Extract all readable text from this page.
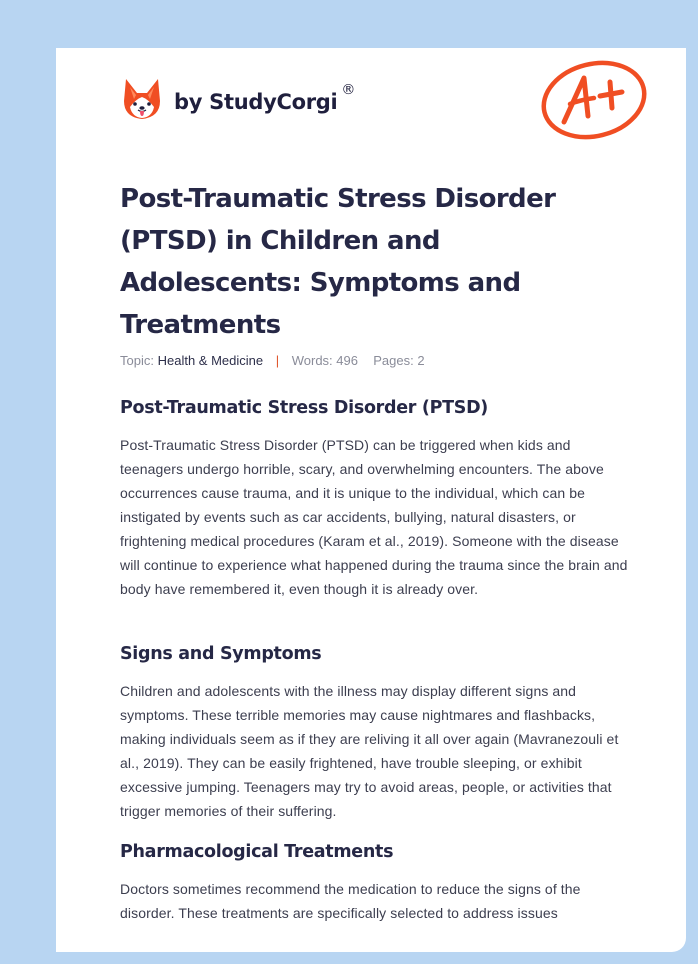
by StudyCorgi ®
Post-Traumatic Stress Disorder (PTSD) in Children and Adolescents: Symptoms and Treatments
Topic: Health & Medicine | Words: 496 Pages: 2
Post-Traumatic Stress Disorder (PTSD)

Post-Traumatic Stress Disorder (PTSD) can be triggered when kids and teenagers undergo horrible, scary, and overwhelming encounters. The above occurrences cause trauma, and it is unique to the individual, which can be instigated by events such as car accidents, bullying, natural disasters, or frightening medical procedures (Karam et al., 2019). Someone with the disease will continue to experience what happened during the trauma since the brain and body have remembered it, even though it is already over.

Signs and Symptoms

Children and adolescents with the illness may display different signs and symptoms. These terrible memories may cause nightmares and flashbacks, making individuals seem as if they are reliving it all over again (Mavranezouli et al., 2019). They can be easily frightened, have trouble sleeping, or exhibit excessive jumping. Teenagers may try to avoid areas, people, or activities that trigger memories of their suffering.

Pharmacological Treatments

Doctors sometimes recommend the medication to reduce the signs of the disorder. These treatments are specifically selected to address issues
